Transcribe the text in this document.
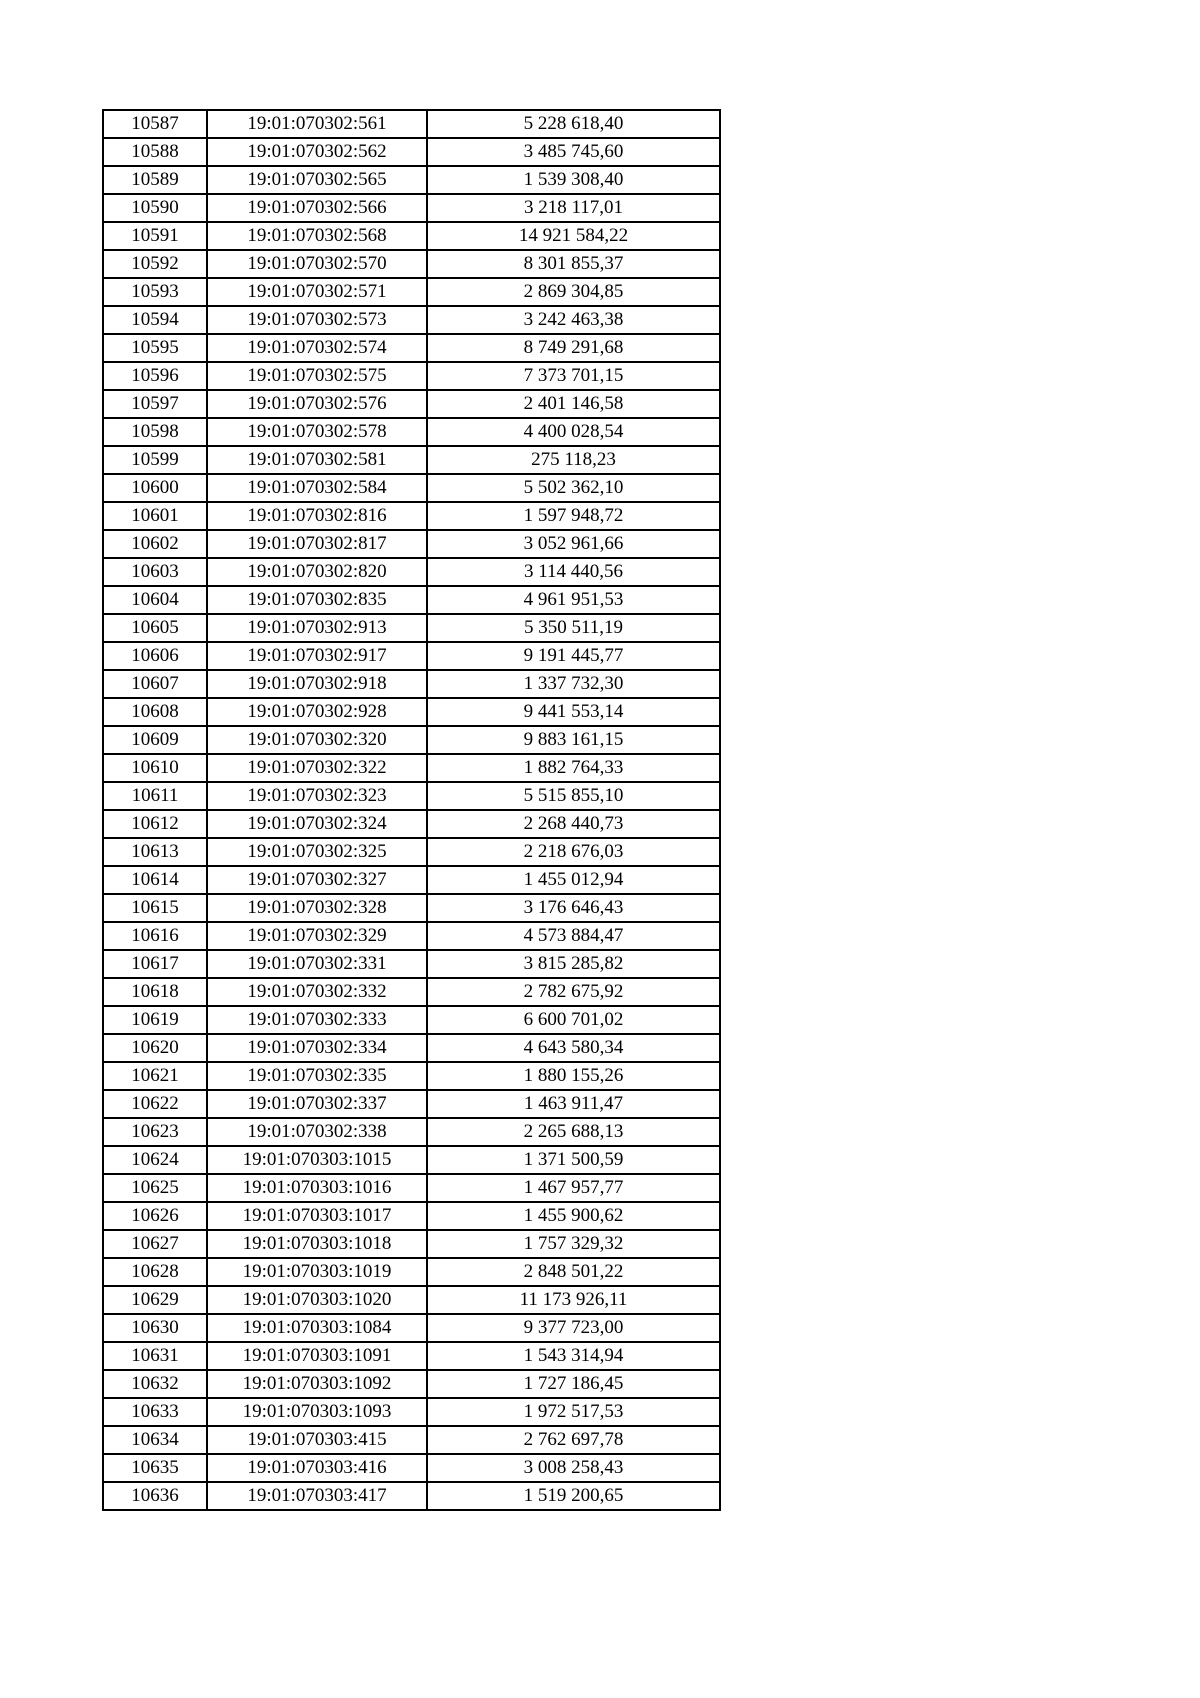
10587	19:01:070302:561	5 228 618,40
10588	19:01:070302:562	3 485 745,60
10589	19:01:070302:565	1 539 308,40
10590	19:01:070302:566	3 218 117,01
10591	19:01:070302:568	14 921 584,22
10592	19:01:070302:570	8 301 855,37
10593	19:01:070302:571	2 869 304,85
10594	19:01:070302:573	3 242 463,38
10595	19:01:070302:574	8 749 291,68
10596	19:01:070302:575	7 373 701,15
10597	19:01:070302:576	2 401 146,58
10598	19:01:070302:578	4 400 028,54
10599	19:01:070302:581	275 118,23
10600	19:01:070302:584	5 502 362,10
10601	19:01:070302:816	1 597 948,72
10602	19:01:070302:817	3 052 961,66
10603	19:01:070302:820	3 114 440,56
10604	19:01:070302:835	4 961 951,53
10605	19:01:070302:913	5 350 511,19
10606	19:01:070302:917	9 191 445,77
10607	19:01:070302:918	1 337 732,30
10608	19:01:070302:928	9 441 553,14
10609	19:01:070302:320	9 883 161,15
10610	19:01:070302:322	1 882 764,33
10611	19:01:070302:323	5 515 855,10
10612	19:01:070302:324	2 268 440,73
10613	19:01:070302:325	2 218 676,03
10614	19:01:070302:327	1 455 012,94
10615	19:01:070302:328	3 176 646,43
10616	19:01:070302:329	4 573 884,47
10617	19:01:070302:331	3 815 285,82
10618	19:01:070302:332	2 782 675,92
10619	19:01:070302:333	6 600 701,02
10620	19:01:070302:334	4 643 580,34
10621	19:01:070302:335	1 880 155,26
10622	19:01:070302:337	1 463 911,47
10623	19:01:070302:338	2 265 688,13
10624	19:01:070303:1015	1 371 500,59
10625	19:01:070303:1016	1 467 957,77
10626	19:01:070303:1017	1 455 900,62
10627	19:01:070303:1018	1 757 329,32
10628	19:01:070303:1019	2 848 501,22
10629	19:01:070303:1020	11 173 926,11
10630	19:01:070303:1084	9 377 723,00
10631	19:01:070303:1091	1 543 314,94
10632	19:01:070303:1092	1 727 186,45
10633	19:01:070303:1093	1 972 517,53
10634	19:01:070303:415	2 762 697,78
10635	19:01:070303:416	3 008 258,43
10636	19:01:070303:417	1 519 200,65
